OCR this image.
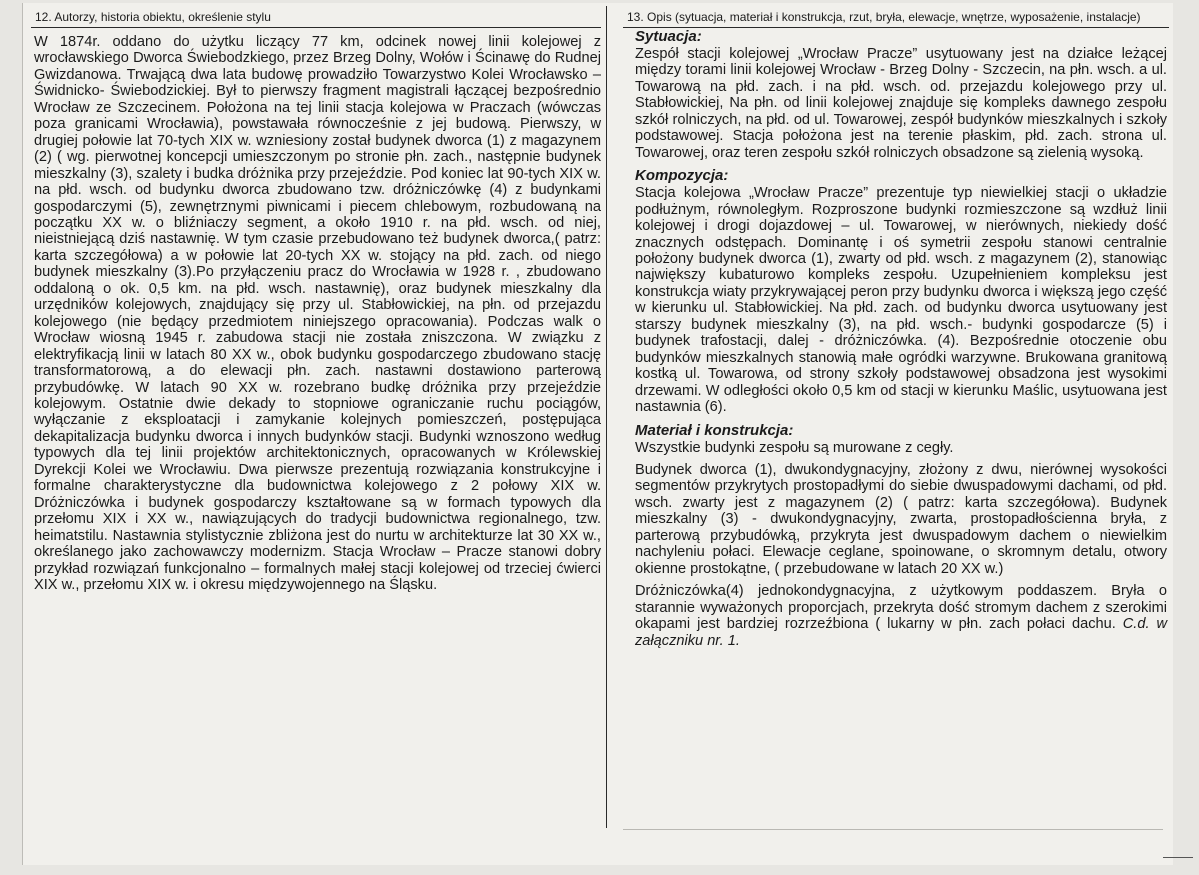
12. Autorzy, historia obiektu, określenie stylu

W 1874r. oddano do użytku liczący 77 km, odcinek nowej linii kolejowej z wrocławskiego Dworca Świebodzkiego, przez Brzeg Dolny, Wołów i Ścinawę do Rudnej Gwizdanowa. Trwającą dwa lata budowę prowadziło Towarzystwo Kolei Wrocławsko – Świdnicko- Świebodzickiej. Był to pierwszy fragment magistrali łączącej bezpośrednio Wrocław ze Szczecinem. Położona na tej linii stacja kolejowa w Praczach (wówczas poza granicami Wrocławia), powstawała równocześnie z jej budową. Pierwszy, w drugiej połowie lat 70-tych XIX w. wzniesiony został budynek dworca (1) z magazynem (2) ( wg. pierwotnej koncepcji umieszczonym po stronie płn. zach., następnie budynek mieszkalny (3), szalety i budka dróżnika przy przejeździe. Pod koniec lat 90-tych XIX w. na płd. wsch. od budynku dworca zbudowano tzw. dróżniczówkę (4) z budynkami gospodarczymi (5), zewnętrznymi piwnicami i piecem chlebowym, rozbudowaną na początku XX w. o bliźniaczy segment, a około 1910 r. na płd. wsch. od niej, nieistniejącą dziś nastawnię. W tym czasie przebudowano też budynek dworca,( patrz: karta szczegółowa) a w połowie lat 20-tych XX w. stojący na płd. zach. od niego budynek mieszkalny (3).Po przyłączeniu pracz do Wrocławia w 1928 r. , zbudowano oddaloną o ok. 0,5 km. na płd. wsch. nastawnię), oraz budynek mieszkalny dla urzędników kolejowych, znajdujący się przy ul. Stabłowickiej, na płn. od przejazdu kolejowego (nie będący przedmiotem niniejszego opracowania). Podczas walk o Wrocław wiosną 1945 r. zabudowa stacji nie została zniszczona. W związku z elektryfikacją linii w latach 80 XX w., obok budynku gospodarczego zbudowano stację transformatorową, a do elewacji płn. zach. nastawni dostawiono parterową przybudówkę. W latach 90 XX w. rozebrano budkę dróżnika przy przejeździe kolejowym. Ostatnie dwie dekady to stopniowe ograniczanie ruchu pociągów, wyłączanie z eksploatacji i zamykanie kolejnych pomieszczeń, postępująca dekapitalizacja budynku dworca i innych budynków stacji. Budynki wznoszono według typowych dla tej linii projektów architektonicznych, opracowanych w Królewskiej Dyrekcji Kolei we Wrocławiu. Dwa pierwsze prezentują rozwiązania konstrukcyjne i formalne charakterystyczne dla budownictwa kolejowego z 2 połowy XIX w. Dróżniczówka i budynek gospodarczy kształtowane są w formach typowych dla przełomu XIX i XX w., nawiązujących do tradycji budownictwa regionalnego, tzw. heimatstilu. Nastawnia stylistycznie zbliżona jest do nurtu w architekturze lat 30 XX w., określanego jako zachowawczy modernizm. Stacja Wrocław – Pracze stanowi dobry przykład rozwiązań funkcjonalno – formalnych małej stacji kolejowej od trzeciej ćwierci XIX w., przełomu XIX w. i okresu międzywojennego na Śląsku.

13. Opis (sytuacja, materiał i konstrukcja, rzut, bryła, elewacje, wnętrze, wyposażenie, instalacje)
Sytuacja:

Zespół stacji kolejowej „Wrocław Pracze” usytuowany jest na działce leżącej między torami linii kolejowej Wrocław - Brzeg Dolny - Szczecin, na płn. wsch. a ul. Towarową na płd. zach. i na płd. wsch. od. przejazdu kolejowego przy ul. Stabłowickiej, Na płn. od linii kolejowej znajduje się kompleks dawnego zespołu szkół rolniczych, na płd. od ul. Towarowej, zespół budynków mieszkalnych i szkoły podstawowej. Stacja położona jest na terenie płaskim, płd. zach. strona ul. Towarowej, oraz teren zespołu szkół rolniczych obsadzone są zielenią wysoką.

Kompozycja:

Stacja kolejowa „Wrocław Pracze” prezentuje typ niewielkiej stacji o układzie podłużnym, równoległym. Rozproszone budynki rozmieszczone są wzdłuż linii kolejowej i drogi dojazdowej – ul. Towarowej, w nierównych, niekiedy dość znacznych odstępach. Dominantę i oś symetrii zespołu stanowi centralnie położony budynek dworca (1), zwarty od płd. wsch. z magazynem (2), stanowiąc największy kubaturowo kompleks zespołu. Uzupełnieniem kompleksu jest konstrukcja wiaty przykrywającej peron przy budynku dworca i większą jego część w kierunku ul. Stabłowickiej. Na płd. zach. od budynku dworca usytuowany jest starszy budynek mieszkalny (3), na płd. wsch.- budynki gospodarcze (5) i budynek trafostacji, dalej - dróżniczówka. (4). Bezpośrednie otoczenie obu budynków mieszkalnych stanowią małe ogródki warzywne. Brukowana granitową kostką ul. Towarowa, od strony szkoły podstawowej obsadzona jest wysokimi drzewami. W odległości około 0,5 km od stacji w kierunku Maślic, usytuowana jest nastawnia (6).

Materiał i konstrukcja:

Wszystkie budynki zespołu są murowane z cegły.

Budynek dworca (1), dwukondygnacyjny, złożony z dwu, nierównej wysokości segmentów przykrytych prostopadłymi do siebie dwuspadowymi dachami, od płd. wsch. zwarty jest z magazynem (2) ( patrz: karta szczegółowa). Budynek mieszkalny (3) - dwukondygnacyjny, zwarta, prostopadłościenna bryła, z parterową przybudówką, przykryta jest dwuspadowym dachem o niewielkim nachyleniu połaci. Elewacje ceglane, spoinowane, o skromnym detalu, otwory okienne prostokątne, ( przebudowane w latach 20 XX w.)

Dróżniczówka(4) jednokondygnacyjna, z użytkowym poddaszem. Bryła o starannie wyważonych proporcjach, przekryta dość stromym dachem z szerokimi okapami jest bardziej rozrzeźbiona ( lukarny w płn. zach połaci dachu. C.d. w załączniku nr. 1.
